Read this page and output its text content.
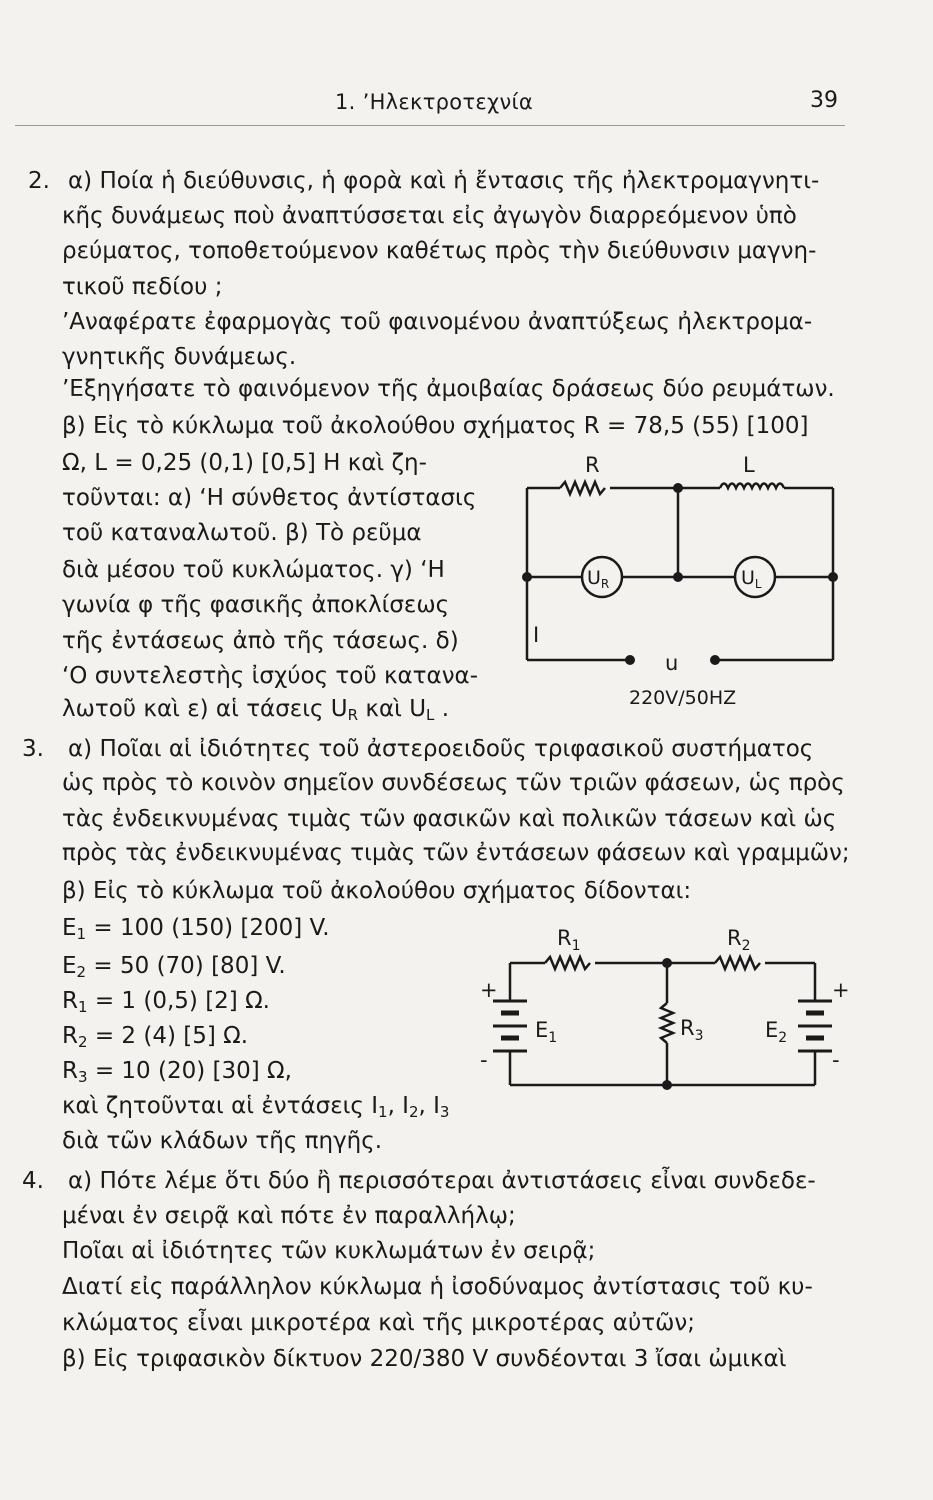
1. ’Ηλεκτροτεχνία	39
2. α) Ποία ἡ διεύθυνσις, ἡ φορὰ καὶ ἡ ἔντασις τῆς ἠλεκτρομαγνητι-
κῆς δυνάμεως ποὺ ἀναπτύσσεται εἰς ἀγωγὸν διαρρεόμενον ὑπὸ
ρεύματος, τοποθετούμενον καθέτως πρὸς τὴν διεύθυνσιν μαγνη-
τικοῦ πεδίου ;
’Αναφέρατε ἐφαρμογὰς τοῦ φαινομένου ἀναπτύξεως ἠλεκτρομα-
γνητικῆς δυνάμεως.
’Εξηγήσατε τὸ φαινόμενον τῆς ἀμοιβαίας δράσεως δύο ρευμάτων.
β) Εἰς τὸ κύκλωμα τοῦ ἀκολούθου σχήματος R = 78,5 (55) [100]
Ω, L = 0,25 (0,1) [0,5] Η καὶ ζη-
τοῦνται: α) ‘Η σύνθετος ἀντίστασις
τοῦ καταναλωτοῦ. β) Τὸ ρεῦμα
διὰ μέσου τοῦ κυκλώματος. γ) ‘Η
γωνία φ τῆς φασικῆς ἀποκλίσεως
τῆς ἐντάσεως ἀπὸ τῆς τάσεως. δ)
‘Ο συντελεστὴς ἰσχύος τοῦ κατανα-
λωτοῦ καὶ ε) αἱ τάσεις $U_R$ καὶ $U_L$ .
R	L
I
$U_R$	$U_L$
u
220V/50HZ
3. α) Ποῖαι αἱ ἰδιότητες τοῦ ἀστεροειδοῦς τριφασικοῦ συστήματος
ὡς πρὸς τὸ κοινὸν σημεῖον συνδέσεως τῶν τριῶν φάσεων, ὡς πρὸς
τὰς ἐνδεικνυμένας τιμὰς τῶν φασικῶν καὶ πολικῶν τάσεων καὶ ὡς
πρὸς τὰς ἐνδεικνυμένας τιμὰς τῶν ἐντάσεων φάσεων καὶ γραμμῶν;
β) Εἰς τὸ κύκλωμα τοῦ ἀκολούθου σχήματος δίδονται:
$E_1 = 100$ (150) [200] V.
$E_2 = 50$ (70) [80] V.
$R_1 = 1$ (0,5) [2] Ω.
$R_2 = 2$ (4) [5] Ω.
$R_3 = 10$ (20) [30] Ω,
καὶ ζητοῦνται αἱ ἐντάσεις $I_1$, $I_2$, $I_3$
διὰ τῶν κλάδων τῆς πηγῆς.
$R_1$	$R_2$
$R_3$
$E_1$	$E_2$
+
-
+
-
4. α) Πότε λέμε ὅτι δύο ἢ περισσότεραι ἀντιστάσεις εἶναι συνδεδε-
μέναι ἐν σειρᾷ καὶ πότε ἐν παραλλήλῳ;
Ποῖαι αἱ ἰδιότητες τῶν κυκλωμάτων ἐν σειρᾷ;
Διατί εἰς παράλληλον κύκλωμα ἡ ἰσοδύναμος ἀντίστασις τοῦ κυ-
κλώματος εἶναι μικροτέρα καὶ τῆς μικροτέρας αὐτῶν;
β) Εἰς τριφασικὸν δίκτυον 220/380 V συνδέονται 3 ἴσαι ὠμικαὶ
